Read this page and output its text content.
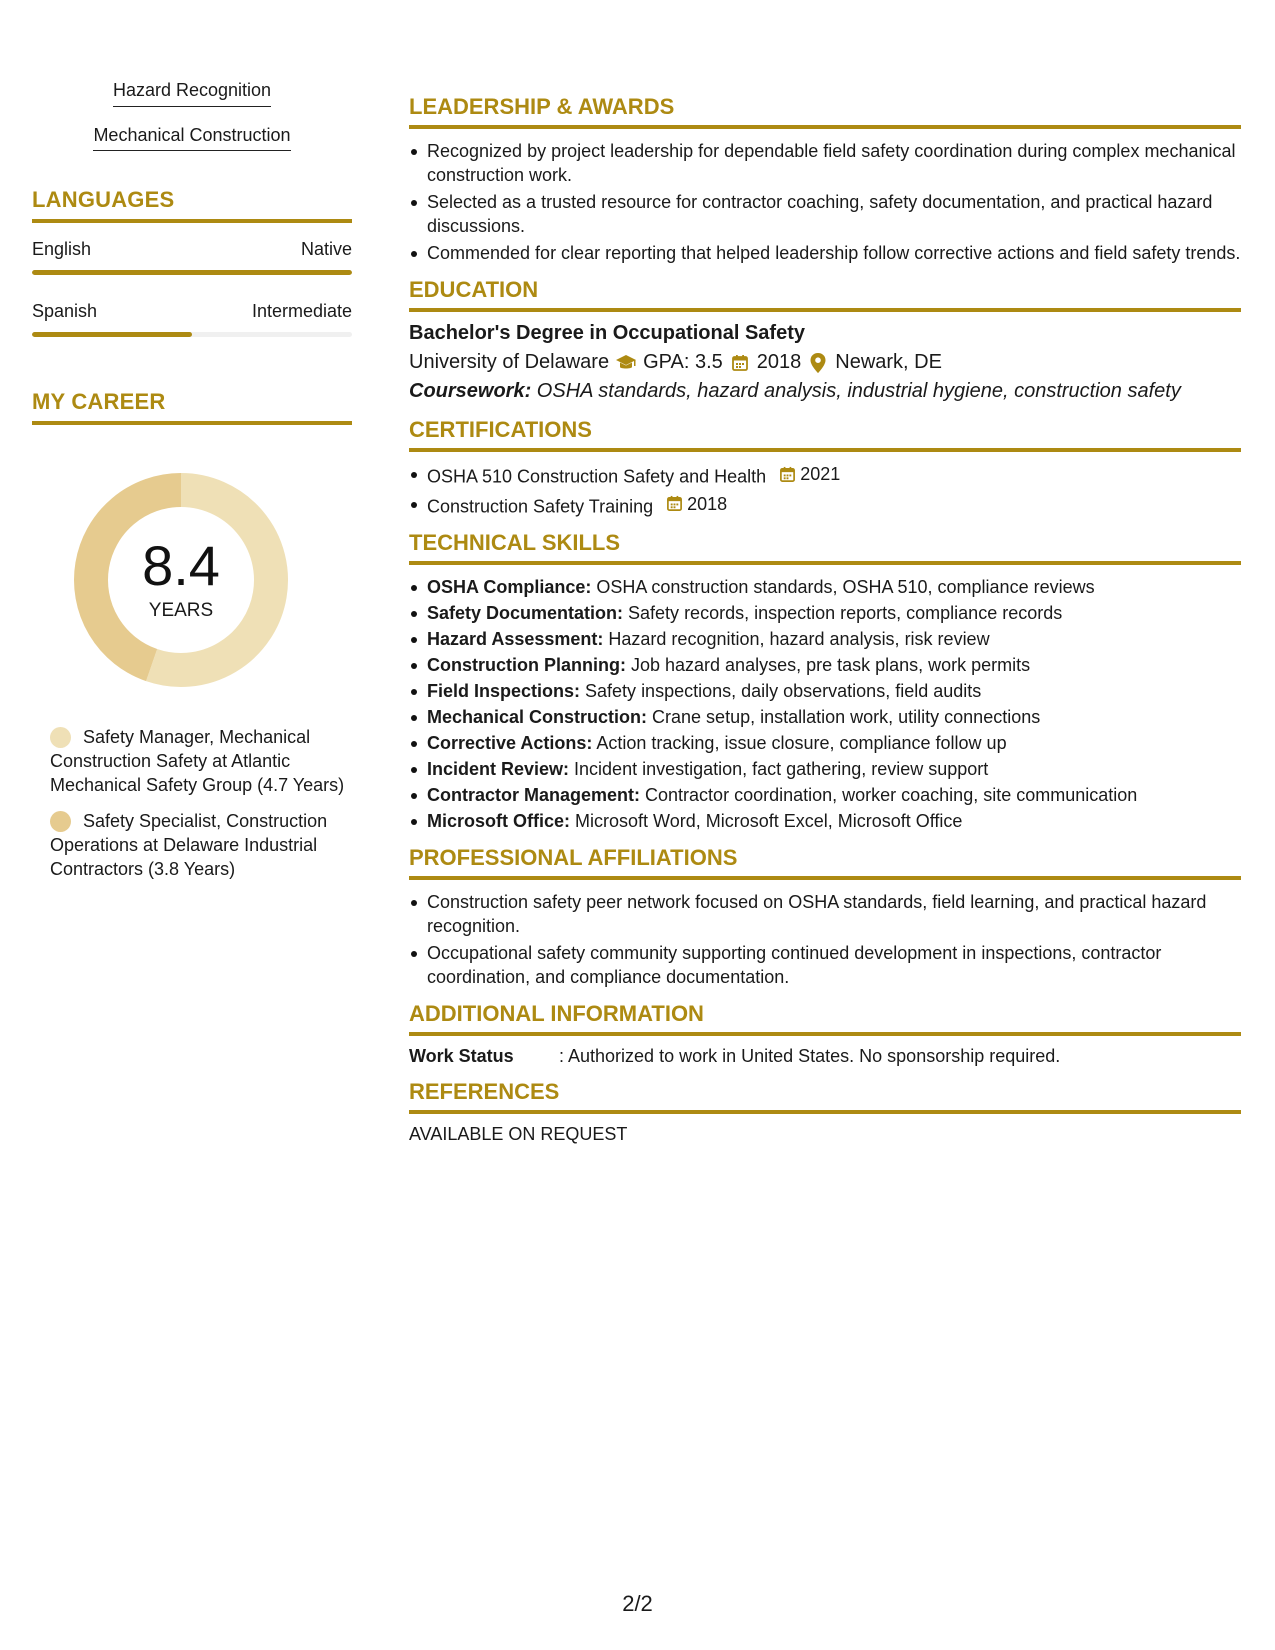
Hazard Recognition
Mechanical Construction
LANGUAGES
English	Native
Spanish	Intermediate
MY CAREER
8.4
YEARS
Safety Manager, Mechanical Construction Safety at Atlantic Mechanical Safety Group (4.7 Years)
Safety Specialist, Construction Operations at Delaware Industrial Contractors (3.8 Years)
LEADERSHIP & AWARDS
Recognized by project leadership for dependable field safety coordination during complex mechanical construction work.
Selected as a trusted resource for contractor coaching, safety documentation, and practical hazard discussions.
Commended for clear reporting that helped leadership follow corrective actions and field safety trends.
EDUCATION
Bachelor's Degree in Occupational Safety
University of Delaware GPA: 3.5 2018 Newark, DE
Coursework: OSHA standards, hazard analysis, industrial hygiene, construction safety
CERTIFICATIONS
OSHA 510 Construction Safety and Health 2021
Construction Safety Training 2018
TECHNICAL SKILLS
OSHA Compliance: OSHA construction standards, OSHA 510, compliance reviews
Safety Documentation: Safety records, inspection reports, compliance records
Hazard Assessment: Hazard recognition, hazard analysis, risk review
Construction Planning: Job hazard analyses, pre task plans, work permits
Field Inspections: Safety inspections, daily observations, field audits
Mechanical Construction: Crane setup, installation work, utility connections
Corrective Actions: Action tracking, issue closure, compliance follow up
Incident Review: Incident investigation, fact gathering, review support
Contractor Management: Contractor coordination, worker coaching, site communication
Microsoft Office: Microsoft Word, Microsoft Excel, Microsoft Office
PROFESSIONAL AFFILIATIONS
Construction safety peer network focused on OSHA standards, field learning, and practical hazard recognition.
Occupational safety community supporting continued development in inspections, contractor coordination, and compliance documentation.
ADDITIONAL INFORMATION
Work Status	: Authorized to work in United States. No sponsorship required.
REFERENCES
AVAILABLE ON REQUEST
2/2
